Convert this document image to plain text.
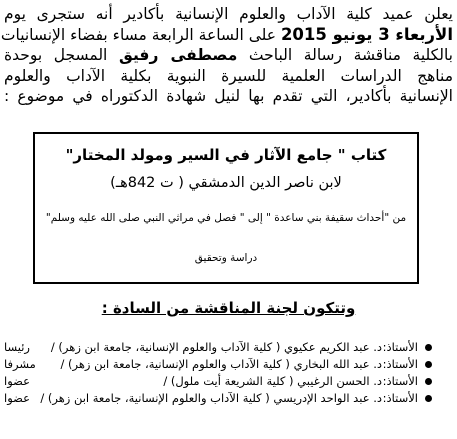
يعلن عميد كلية الآداب والعلوم الإنسانية بأكادير أنه ستجرى يوم
الأربعاء 3 يونيو 2015 على الساعة الرابعة مساء بفضاء الإنسانيات
بالكلية مناقشة رسالة الباحث مصطفى رفيق المسجل بوحدة
مناهج الدراسات العلمية للسيرة النبوية بكلية الآداب والعلوم
الإنسانية بأكادير، التي تقدم بها لنيل شهادة الدكتوراه في موضوع :
كتاب " جامع الآثار في السير ومولد المختار"
لابن ناصر الدين الدمشقي ( ت 842هـ)
من "أحداث سقيفة بني ساعدة " إلى " فصل في مراثي النبي صلى الله عليه وسلم"
دراسة وتحقيق
وتتكون لجنة المناقشة من السادة :
الأستاذ:
د. عبد الكريم عكيوي ( كلية الآداب والعلوم الإنسانية، جامعة ابن زهر) /
رئيسا
الأستاذ:
د. عبد الله البخاري ( كلية الآداب والعلوم الإنسانية، جامعة ابن زهر) /
مشرفا
الأستاذ:
د. الحسن الرغيبي ( كلية الشريعة أيت ملول) /
عضوا
الأستاذ:
د. عبد الواحد الإدريسي ( كلية الآداب والعلوم الإنسانية، جامعة ابن زهر) /
عضوا
